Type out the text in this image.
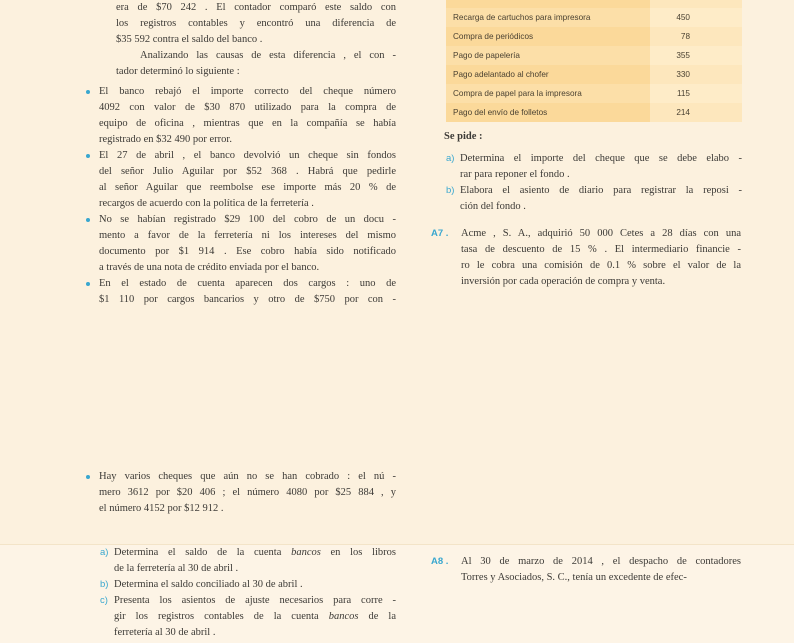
era de $70 242 . El contador comparó este saldo con
los registros contables y encontró una diferencia de
$35 592 contra el saldo del banco .
Analizando las causas de esta diferencia , el con -
tador determinó lo siguiente :
El banco rebajó el importe correcto del cheque número
4092 con valor de $30 870 utilizado para la compra de
equipo de oficina , mientras que en la compañía se había
registrado en $32 490 por error.
El 27 de abril , el banco devolvió un cheque sin fondos
del señor Julio Aguilar por $52 368 . Habrá que pedirle
al señor Aguilar que reembolse ese importe más 20 % de
recargos de acuerdo con la política de la ferretería .
No se habían registrado $29 100 del cobro de un docu -
mento a favor de la ferretería ni los intereses del mismo
documento por $1 914 . Ese cobro había sido notificado
a través de una nota de crédito enviada por el banco.
En el estado de cuenta aparecen dos cargos : uno de
$1 110 por cargos bancarios y otro de $750 por con -
Hay varios cheques que aún no se han cobrado : el nú -
mero 3612 por $20 406 ; el número 4080 por $25 884 , y
el número 4152 por $12 912 .
a) Determina el saldo de la cuenta bancos en los libros
de la ferretería al 30 de abril .
b) Determina el saldo conciliado al 30 de abril .
c) Presenta los asientos de ajuste necesarios para corre -
gir los registros contables de la cuenta bancos de la
ferretería al 30 de abril .
Recarga de cartuchos para impresora	450
Compra de periódicos	78
Pago de papelería	355
Pago adelantado al chofer	330
Compra de papel para la impresora	115
Pago del envío de folletos	214
Se pide :
a) Determina el importe del cheque que se debe elabo -
rar para reponer el fondo .
b) Elabora el asiento de diario para registrar la reposi -
ción del fondo .
A7 . Acme , S. A., adquirió 50 000 Cetes a 28 días con una
tasa de descuento de 15 % . El intermediario financie -
ro le cobra una comisión de 0.1 % sobre el valor de la
inversión por cada operación de compra y venta.
A8 . Al 30 de marzo de 2014 , el despacho de contadores
Torres y Asociados, S. C., tenía un excedente de efec-
